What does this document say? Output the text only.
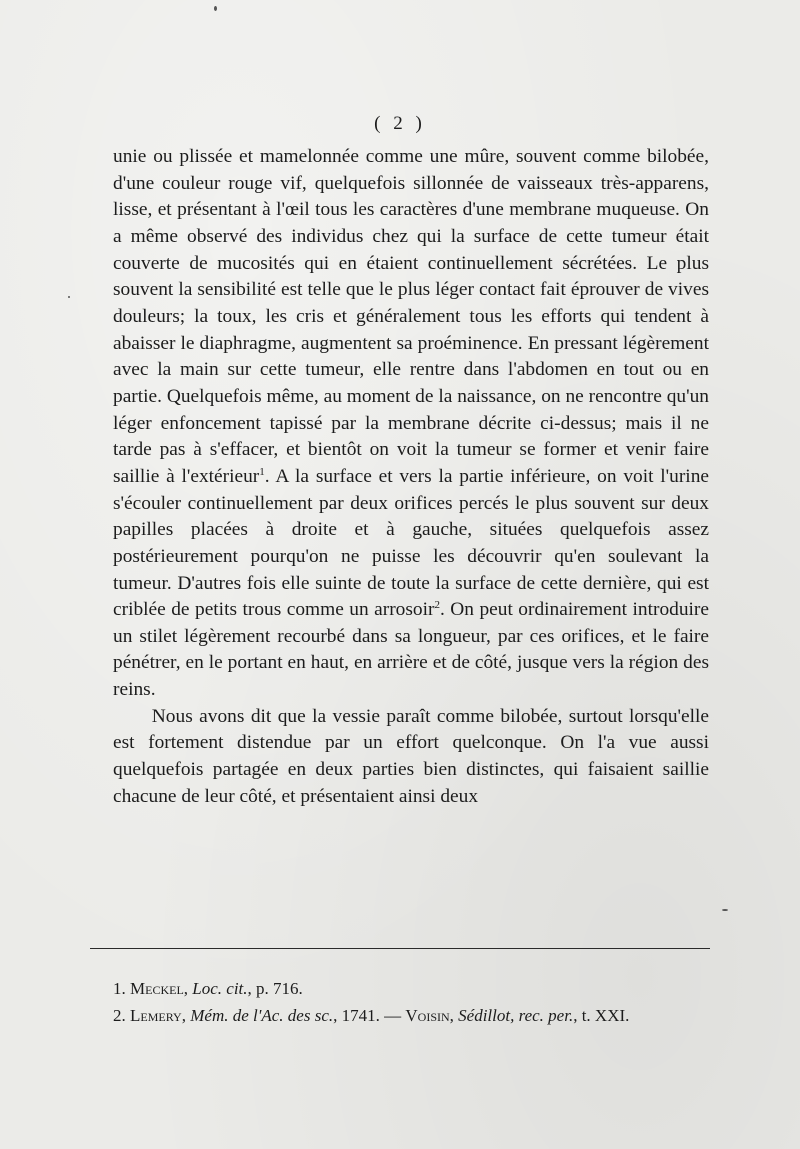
( 2 )

unie ou plissée et mamelonnée comme une mûre, souvent comme bilobée, d'une couleur rouge vif, quelquefois sillonnée de vaisseaux très-apparens, lisse, et présentant à l'œil tous les caractères d'une membrane muqueuse. On a même observé des individus chez qui la surface de cette tumeur était couverte de mucosités qui en étaient continuellement sécrétées. Le plus souvent la sensibilité est telle que le plus léger contact fait éprouver de vives douleurs; la toux, les cris et généralement tous les efforts qui tendent à abaisser le diaphragme, augmentent sa proéminence. En pressant légèrement avec la main sur cette tumeur, elle rentre dans l'abdomen en tout ou en partie. Quelquefois même, au moment de la naissance, on ne rencontre qu'un léger enfoncement tapissé par la membrane décrite ci-dessus; mais il ne tarde pas à s'effacer, et bientôt on voit la tumeur se former et venir faire saillie à l'extérieur$^1$. A la surface et vers la partie inférieure, on voit l'urine s'écouler continuellement par deux orifices percés le plus souvent sur deux papilles placées à droite et à gauche, situées quelquefois assez postérieurement pourqu'on ne puisse les découvrir qu'en soulevant la tumeur. D'autres fois elle suinte de toute la surface de cette dernière, qui est criblée de petits trous comme un arrosoir$^2$. On peut ordinairement introduire un stilet légèrement recourbé dans sa longueur, par ces orifices, et le faire pénétrer, en le portant en haut, en arrière et de côté, jusque vers la région des reins.

Nous avons dit que la vessie paraît comme bilobée, surtout lorsqu'elle est fortement distendue par un effort quelconque. On l'a vue aussi quelquefois partagée en deux parties bien distinctes, qui faisaient saillie chacune de leur côté, et présentaient ainsi deux

1. Meckel, Loc. cit., p. 716.
2. Lemery, Mém. de l'Ac. des sc., 1741. — Voisin, Sédillot, rec. per., t. XXI.
